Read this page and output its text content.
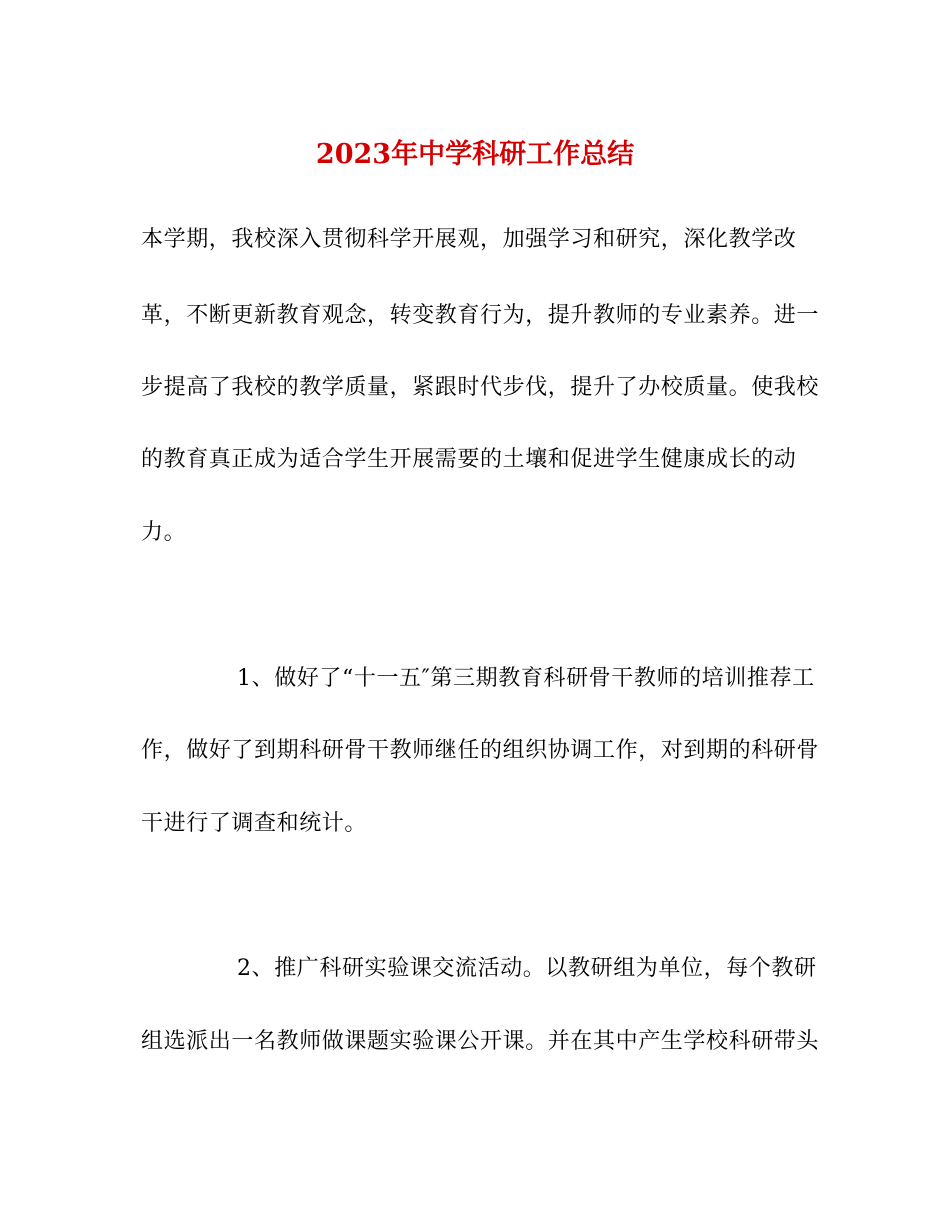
2023年中学科研工作总结
本学期，我校深入贯彻科学开展观，加强学习和研究，深化教学改
革，不断更新教育观念，转变教育行为，提升教师的专业素养。进一
步提高了我校的教学质量，紧跟时代步伐，提升了办校质量。使我校
的教育真正成为适合学生开展需要的土壤和促进学生健康成长的动
力。
1、做好了“十一五″第三期教育科研骨干教师的培训推荐工
作，做好了到期科研骨干教师继任的组织协调工作，对到期的科研骨
干进行了调查和统计。
2、推广科研实验课交流活动。以教研组为单位，每个教研
组选派出一名教师做课题实验课公开课。并在其中产生学校科研带头
